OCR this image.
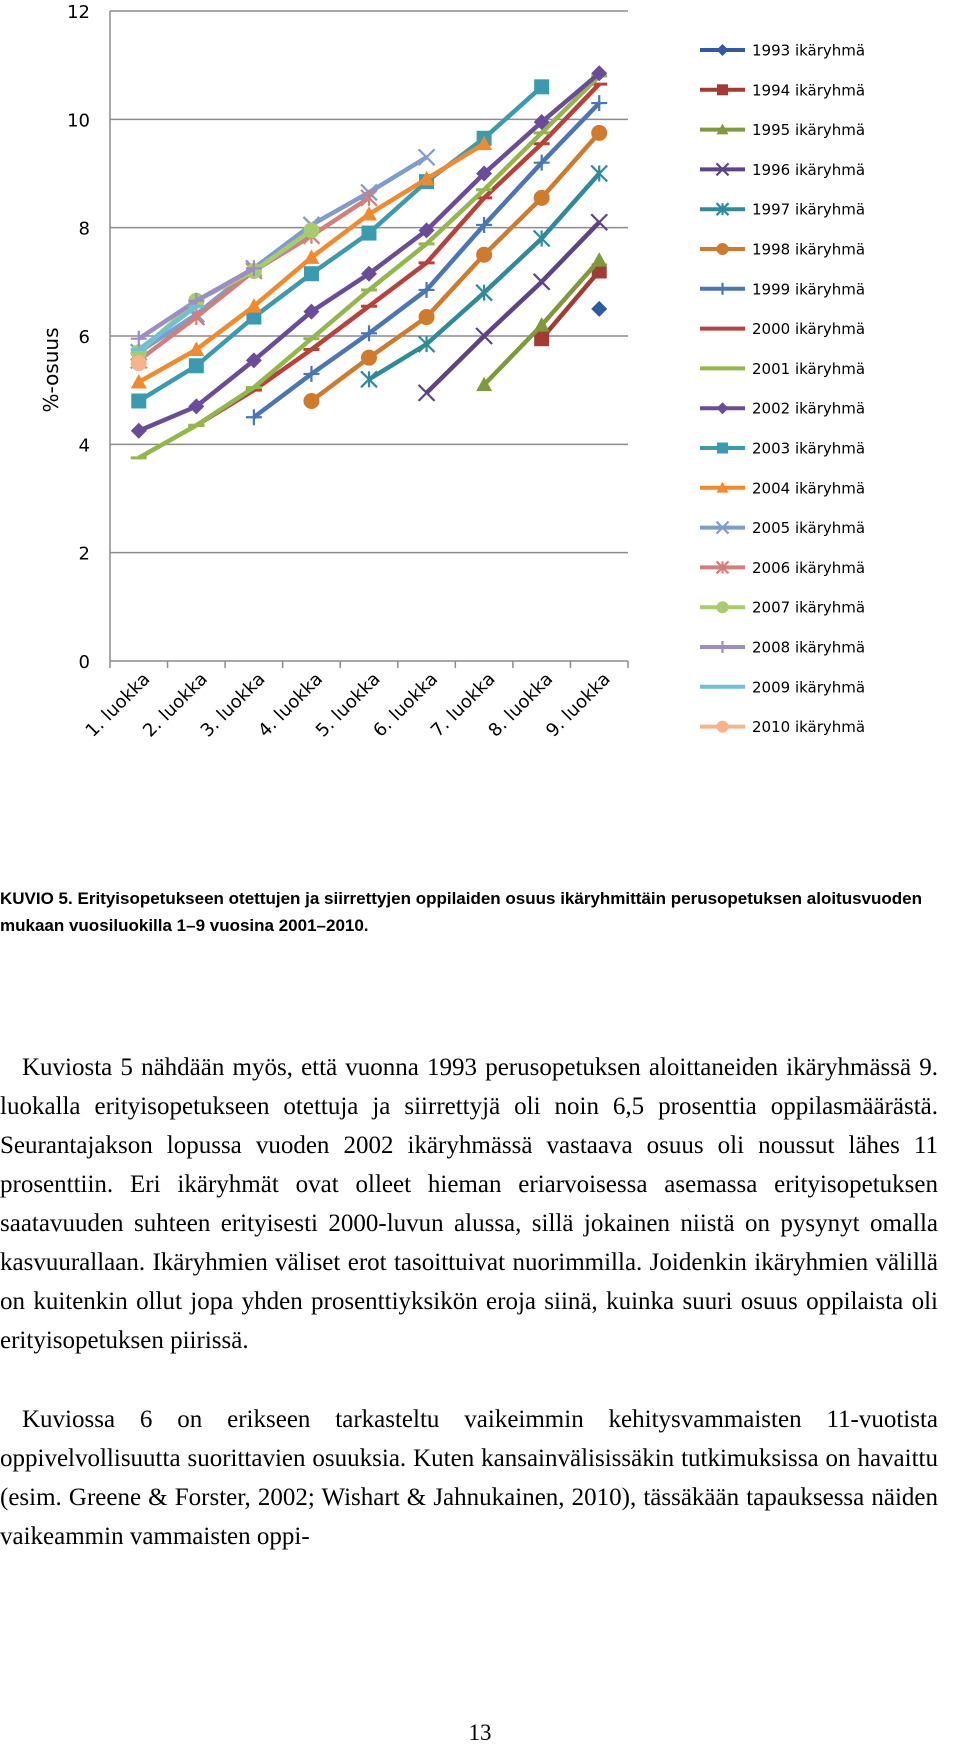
0
2
4
6
8
10
12
1. luokka
2. luokka
3. luokka
4. luokka
5. luokka
6. luokka
7. luokka
8. luokka
9. luokka
1993 ikäryhmä
1994 ikäryhmä
1995 ikäryhmä
1996 ikäryhmä
1997 ikäryhmä
1998 ikäryhmä
1999 ikäryhmä
2000 ikäryhmä
2001 ikäryhmä
2002 ikäryhmä
2003 ikäryhmä
2004 ikäryhmä
2005 ikäryhmä
2006 ikäryhmä
2007 ikäryhmä
2008 ikäryhmä
2009 ikäryhmä
2010 ikäryhmä
%-osuus

KUVIO 5. Erityisopetukseen otettujen ja siirrettyjen oppilaiden osuus ikäryhmittäin perusopetuksen aloitusvuoden mukaan vuosiluokilla 1–9 vuosina 2001–2010.

Kuviosta 5 nähdään myös, että vuonna 1993 perusopetuksen aloittaneiden ikäryhmässä 9. luokalla erityisopetukseen otettuja ja siirrettyjä oli noin 6,5 prosenttia oppilasmäärästä. Seurantajakson lopussa vuoden 2002 ikäryhmässä vastaava osuus oli noussut lähes 11 prosenttiin. Eri ikäryhmät ovat olleet hieman eriarvoisessa asemassa erityisopetuksen saatavuuden suhteen erityisesti 2000-luvun alussa, sillä jokainen niistä on pysynyt omalla kasvuurallaan. Ikäryhmien väliset erot tasoittuivat nuorimmilla. Joidenkin ikäryhmien välillä on kuitenkin ollut jopa yhden prosenttiyksikön eroja siinä, kuinka suuri osuus oppilaista oli erityisopetuksen piirissä.

Kuviossa 6 on erikseen tarkasteltu vaikeimmin kehitysvammaisten 11-vuotista oppivelvollisuutta suorittavien osuuksia. Kuten kansainvälisissäkin tutkimuksissa on havaittu (esim. Greene & Forster, 2002; Wishart & Jahnukainen, 2010), tässäkään tapauksessa näiden vaikeammin vammaisten oppi-

13
